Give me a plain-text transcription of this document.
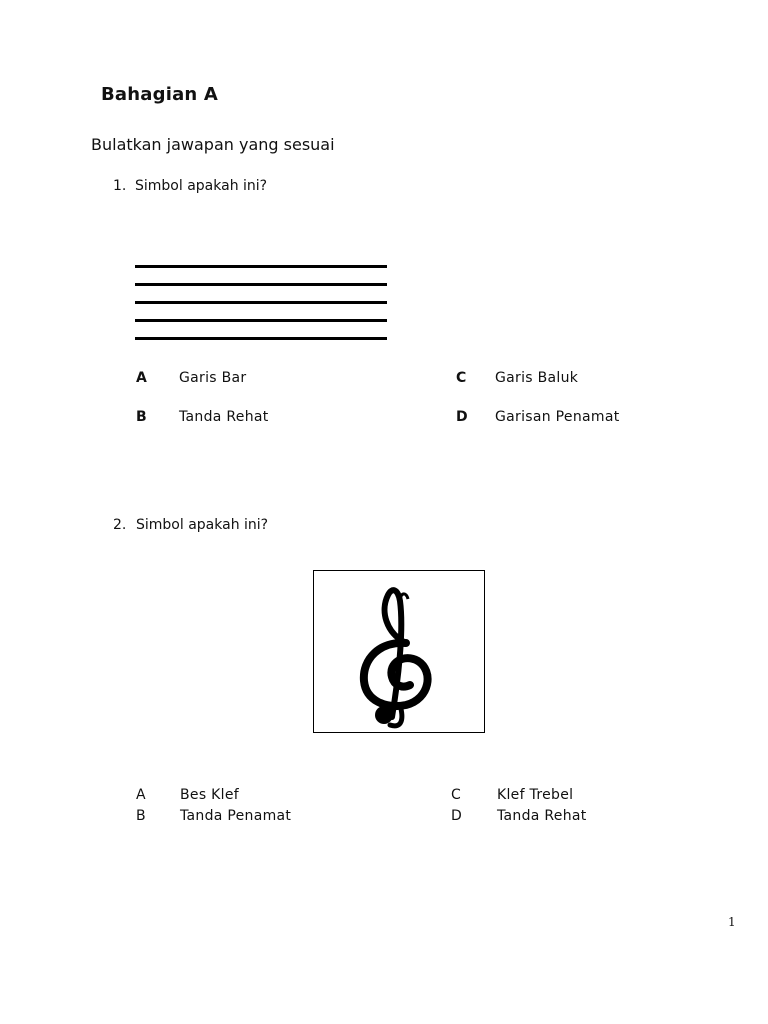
Bahagian A
Bulatkan jawapan yang sesuai
1. Simbol apakah ini?
A Garis Bar
B Tanda Rehat
C Garis Baluk
D Garisan Penamat
2. Simbol apakah ini?
A Bes Klef
B Tanda Penamat
C	Klef Trebel
D	Tanda Rehat
1
